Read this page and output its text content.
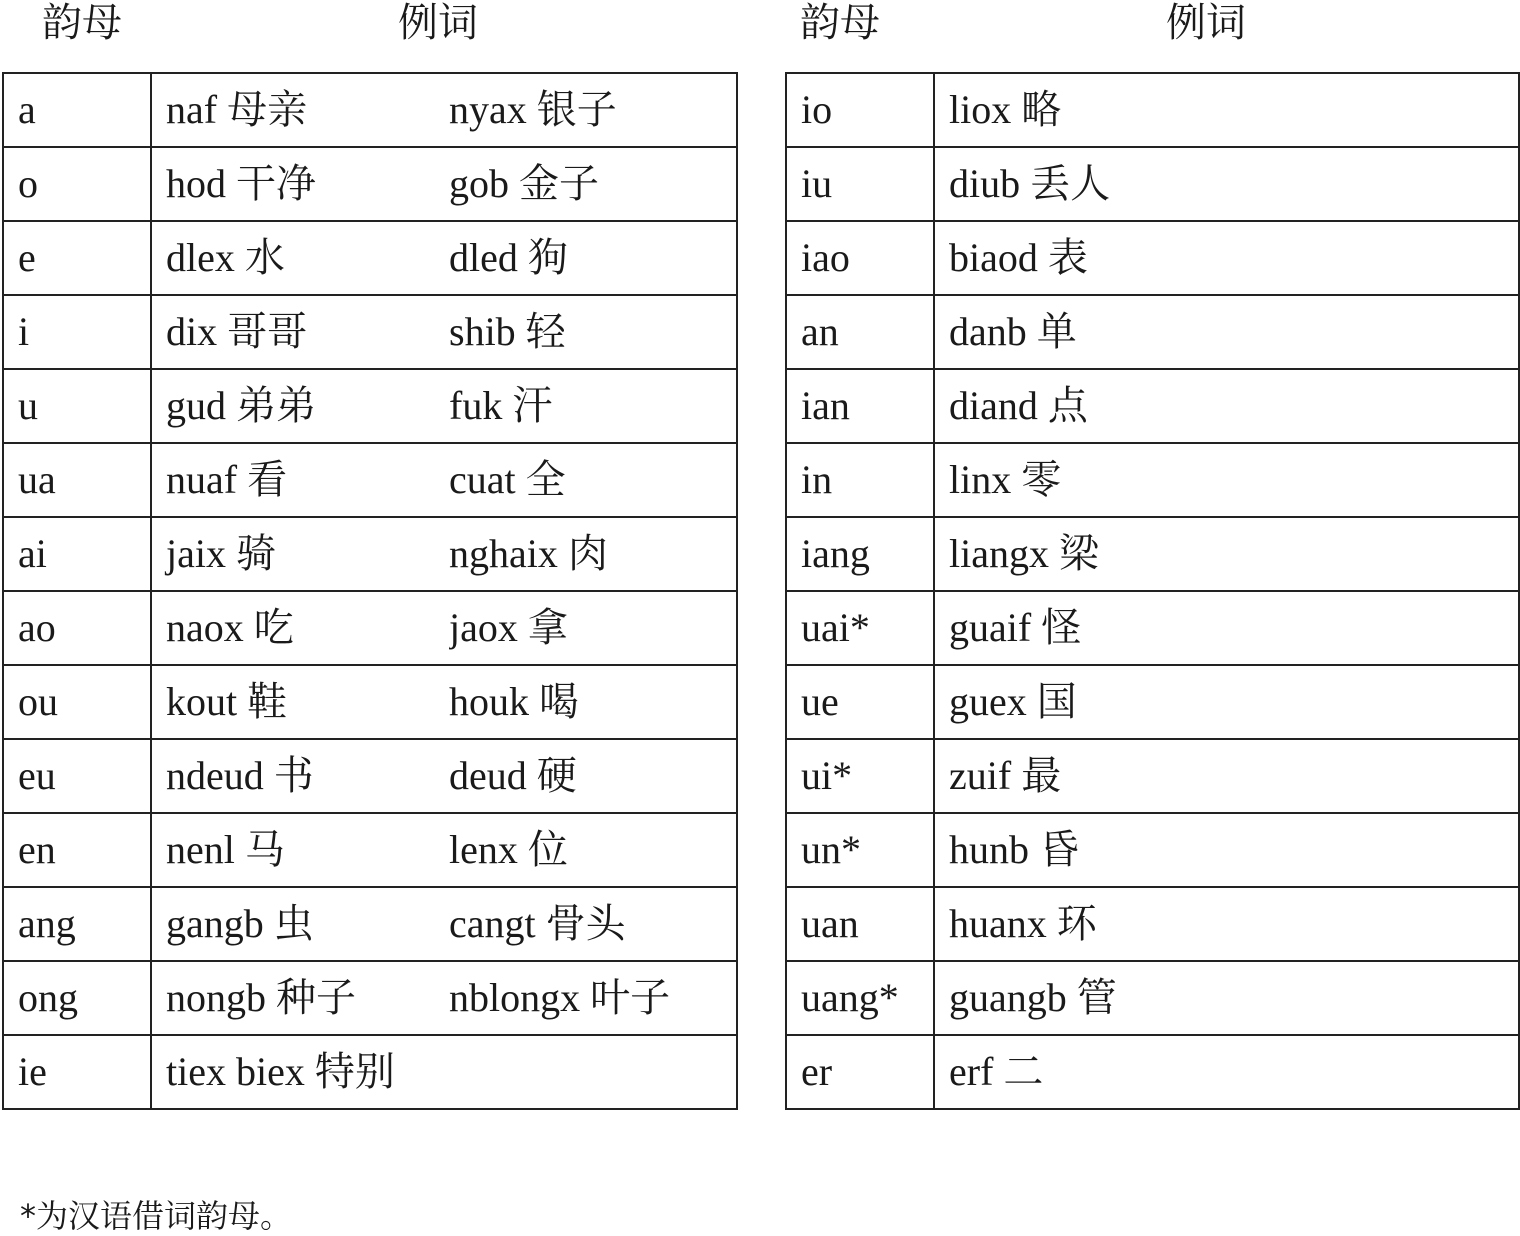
韵母	例词	韵母	例词
a	naf 母亲	nyax 银子
o	hod 干净	gob 金子
e	dlex 水	dled 狗
i	dix 哥哥	shib 轻
u	gud 弟弟	fuk 汗
ua	nuaf 看	cuat 全
ai	jaix 骑	nghaix 肉
ao	naox 吃	jaox 拿
ou	kout 鞋	houk 喝
eu	ndeud 书	deud 硬
en	nenl 马	lenx 位
ang	gangb 虫	cangt 骨头
ong	nongb 种子	nblongx 叶子
ie	tiex biex 特别	
io	liox 略
iu	diub 丢人
iao	biaod 表
an	danb 单
ian	diand 点
in	linx 零
iang	liangx 梁
uai*	guaif 怪
ue	guex 国
ui*	zuif 最
un*	hunb 昏
uan	huanx 环
uang*	guangb 管
er	erf 二
*为汉语借词韵母。
